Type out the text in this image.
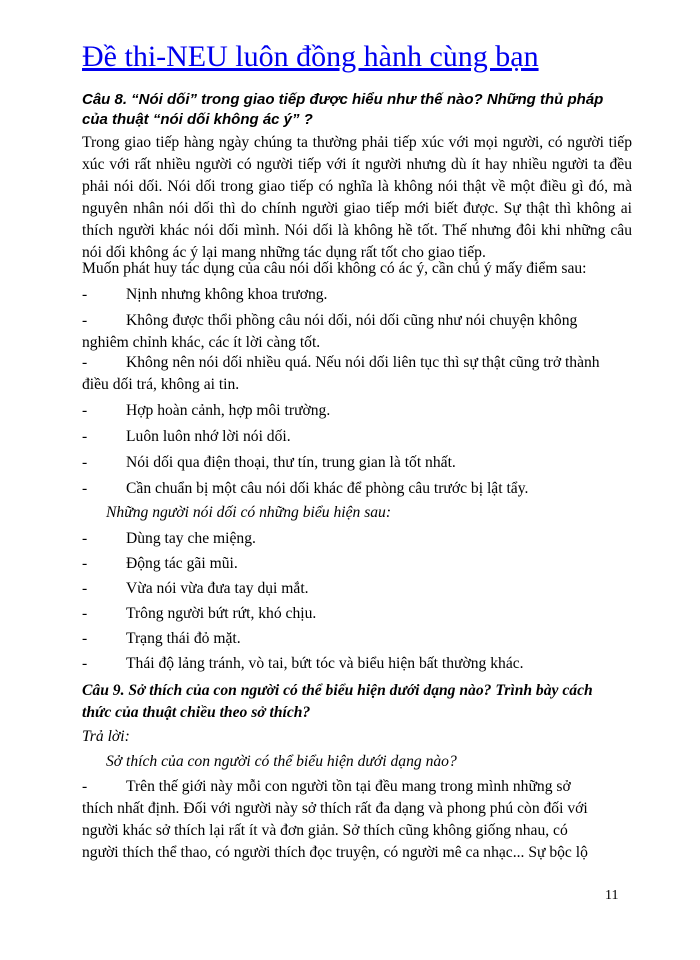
Đề thi-NEU luôn đồng hành cùng bạn
Câu 8. “Nói dối” trong giao tiếp được hiểu như thế nào? Những thủ pháp của thuật “nói dối không ác ý” ?
Trong giao tiếp hàng ngày chúng ta thường phải tiếp xúc với mọi người, có người tiếp xúc với rất nhiều người có người tiếp với ít người nhưng dù ít hay nhiều người ta đều phải nói dối. Nói dối trong giao tiếp có nghĩa là không nói thật về một điều gì đó, mà nguyên nhân nói dối thì do chính người giao tiếp mới biết được. Sự thật thì không ai thích người khác nói dối mình. Nói dối là không hề tốt. Thế nhưng đôi khi những câu nói dối không ác ý lại mang những tác dụng rất tốt cho giao tiếp.
Muốn phát huy tác dụng của câu nói dối không có ác ý, cần chú ý mấy điểm sau:
- Nịnh nhưng không khoa trương.
- Không được thổi phồng câu nói dối, nói dối cũng như nói chuyện không nghiêm chỉnh khác, các ít lời càng tốt.
- Không nên nói dối nhiều quá. Nếu nói dối liên tục thì sự thật cũng trở thành điều dối trá, không ai tin.
- Hợp hoàn cảnh, hợp môi trường.
- Luôn luôn nhớ lời nói dối.
- Nói dối qua điện thoại, thư tín, trung gian là tốt nhất.
- Cần chuẩn bị một câu nói dối khác để phòng câu trước bị lật tẩy.
Những người nói dối có những biểu hiện sau:
- Dùng tay che miệng.
- Động tác gãi mũi.
- Vừa nói vừa đưa tay dụi mắt.
- Trông người bứt rứt, khó chịu.
- Trạng thái đỏ mặt.
- Thái độ lảng tránh, vò tai, bứt tóc và biểu hiện bất thường khác.
Câu 9. Sở thích của con người có thể biểu hiện dưới dạng nào? Trình bày cách thức của thuật chiều theo sở thích?
Trả lời:
Sở thích của con người có thể biểu hiện dưới dạng nào?
- Trên thế giới này mỗi con người tồn tại đều mang trong mình những sở thích nhất định. Đối với người này sở thích rất đa dạng và phong phú còn đối với người khác sở thích lại rất ít và đơn giản. Sở thích cũng không giống nhau, có người thích thể thao, có người thích đọc truyện, có người mê ca nhạc... Sự bộc lộ
11
